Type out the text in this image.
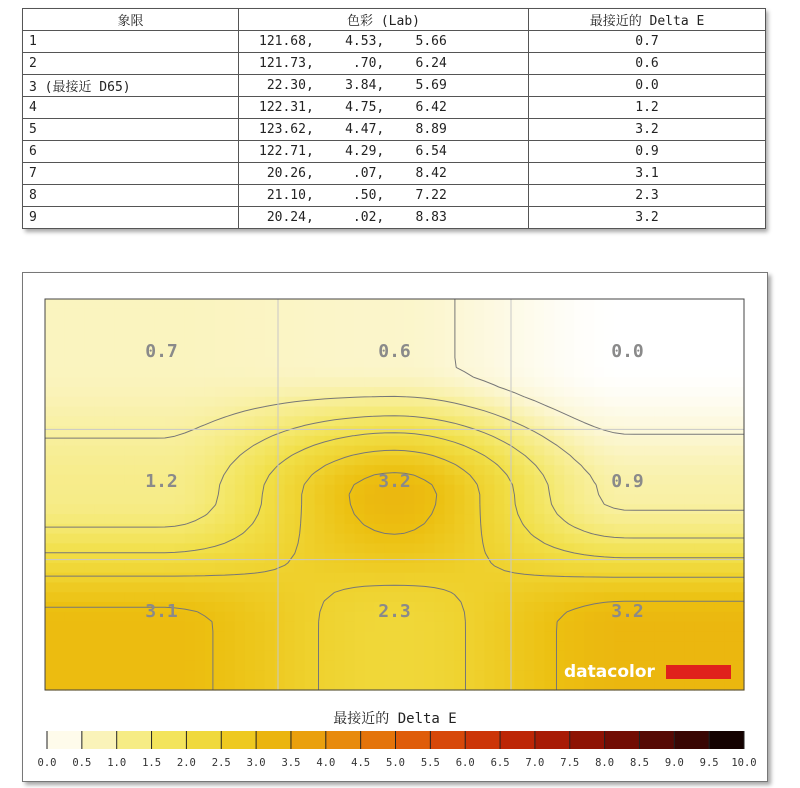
象限	色彩 (Lab)	最接近的 Delta E
1	121.68,    4.53,    5.66	0.7
2	121.73,     .70,    6.24	0.6
3 (最接近 D65)	22.30,    3.84,    5.69	0.0
4	122.31,    4.75,    6.42	1.2
5	123.62,    4.47,    8.89	3.2
6	122.71,    4.29,    6.54	0.9
7	20.26,     .07,    8.42	3.1
8	21.10,     .50,    7.22	2.3
9	20.24,     .02,    8.83	3.2
0.7	0.6	0.0
1.2	3.2	0.9
3.1	2.3	3.2
datacolor
最接近的 Delta E
0.0 0.5 1.0 1.5 2.0 2.5 3.0 3.5 4.0 4.5 5.0 5.5 6.0 6.5 7.0 7.5 8.0 8.5 9.0 9.5 10.0
